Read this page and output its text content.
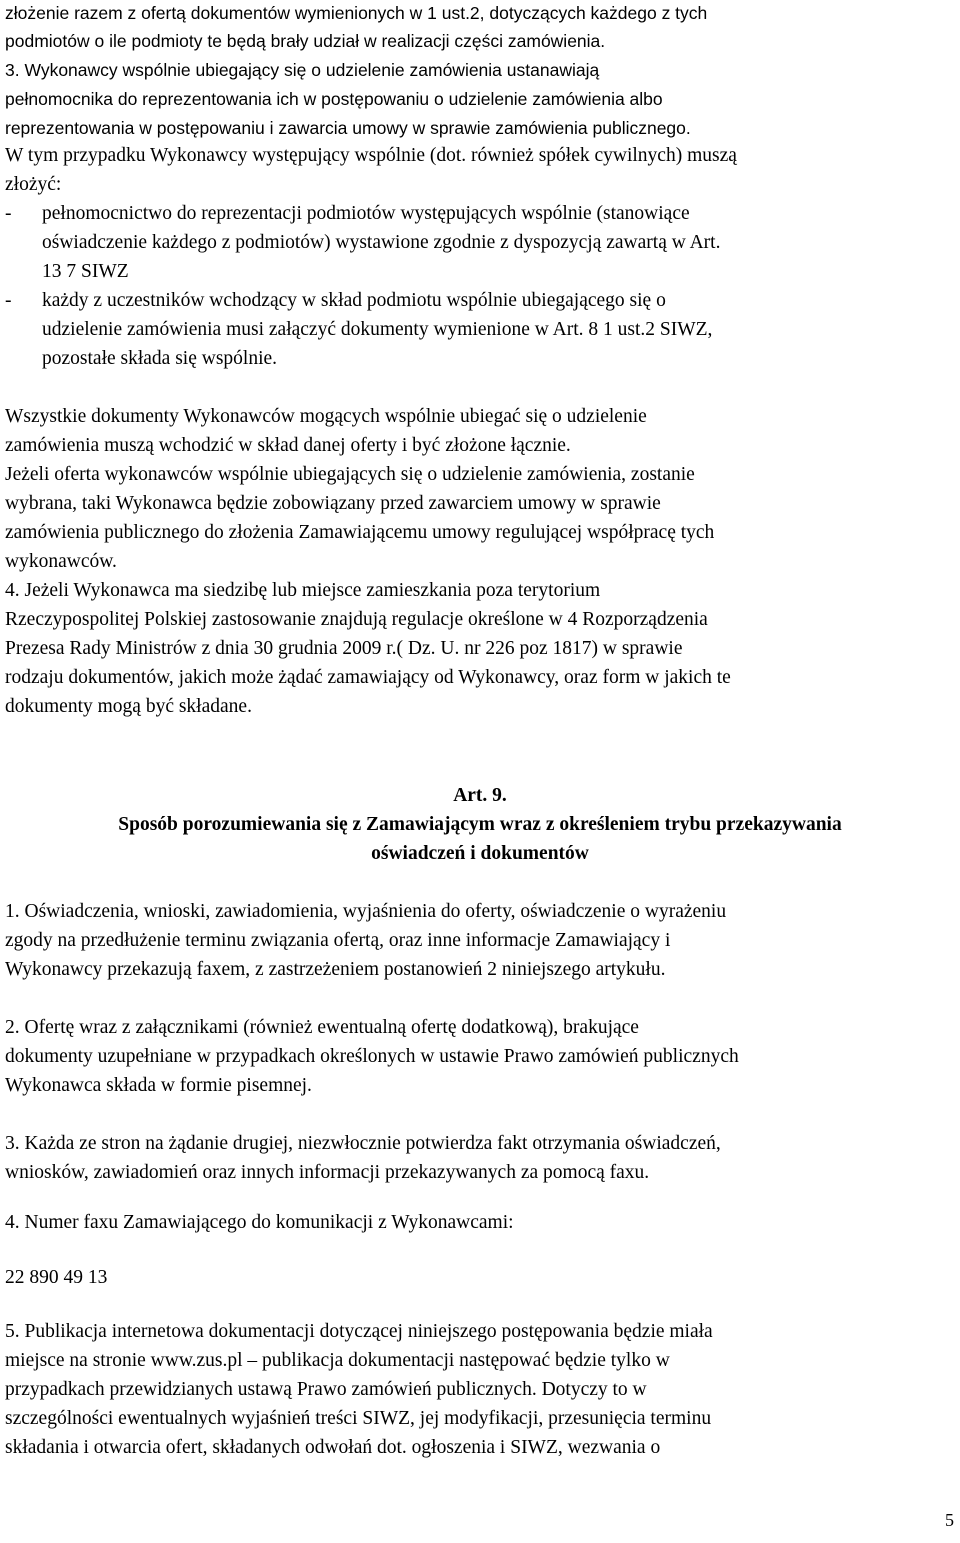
złożenie razem z ofertą dokumentów wymienionych w 1 ust.2, dotyczących każdego z tych
podmiotów o ile podmioty te będą brały udział w realizacji części zamówienia.
3. Wykonawcy wspólnie ubiegający się o udzielenie zamówienia ustanawiają
pełnomocnika do reprezentowania ich w postępowaniu o udzielenie zamówienia albo
reprezentowania w postępowaniu i zawarcia umowy w sprawie zamówienia publicznego.
W tym przypadku Wykonawcy występujący wspólnie (dot. również spółek cywilnych) muszą
złożyć:
- pełnomocnictwo do reprezentacji podmiotów występujących wspólnie (stanowiące
oświadczenie każdego z podmiotów) wystawione zgodnie z dyspozycją zawartą w Art.
13 7 SIWZ
- każdy z uczestników wchodzący w skład podmiotu wspólnie ubiegającego się o
udzielenie zamówienia musi załączyć dokumenty wymienione w Art. 8 1 ust.2 SIWZ,
pozostałe składa się wspólnie.
Wszystkie dokumenty Wykonawców mogących wspólnie ubiegać się o udzielenie
zamówienia muszą wchodzić w skład danej oferty i być złożone łącznie.
Jeżeli oferta wykonawców wspólnie ubiegających się o udzielenie zamówienia, zostanie
wybrana, taki Wykonawca będzie zobowiązany przed zawarciem umowy w sprawie
zamówienia publicznego do złożenia Zamawiającemu umowy regulującej współpracę tych
wykonawców.
4. Jeżeli Wykonawca ma siedzibę lub miejsce zamieszkania poza terytorium
Rzeczypospolitej Polskiej zastosowanie znajdują regulacje określone w 4 Rozporządzenia
Prezesa Rady Ministrów z dnia 30 grudnia 2009 r.( Dz. U. nr 226 poz 1817) w sprawie
rodzaju dokumentów, jakich może żądać zamawiający od Wykonawcy, oraz form w jakich te
dokumenty mogą być składane.
Art. 9.
Sposób porozumiewania się z Zamawiającym wraz z określeniem trybu przekazywania
oświadczeń i dokumentów
1. Oświadczenia, wnioski, zawiadomienia, wyjaśnienia do oferty, oświadczenie o wyrażeniu
zgody na przedłużenie terminu związania ofertą, oraz inne informacje Zamawiający i
Wykonawcy przekazują faxem, z zastrzeżeniem postanowień 2 niniejszego artykułu.
2. Ofertę wraz z załącznikami (również ewentualną ofertę dodatkową), brakujące
dokumenty uzupełniane w przypadkach określonych w ustawie Prawo zamówień publicznych
Wykonawca składa w formie pisemnej.
3. Każda ze stron na żądanie drugiej, niezwłocznie potwierdza fakt otrzymania oświadczeń,
wniosków, zawiadomień oraz innych informacji przekazywanych za pomocą faxu.
4. Numer faxu Zamawiającego do komunikacji z Wykonawcami:
22 890 49 13
5. Publikacja internetowa dokumentacji dotyczącej niniejszego postępowania będzie miała
miejsce na stronie www.zus.pl – publikacja dokumentacji następować będzie tylko w
przypadkach przewidzianych ustawą Prawo zamówień publicznych. Dotyczy to w
szczególności ewentualnych wyjaśnień treści SIWZ, jej modyfikacji, przesunięcia terminu
składania i otwarcia ofert, składanych odwołań dot. ogłoszenia i SIWZ, wezwania o
5
